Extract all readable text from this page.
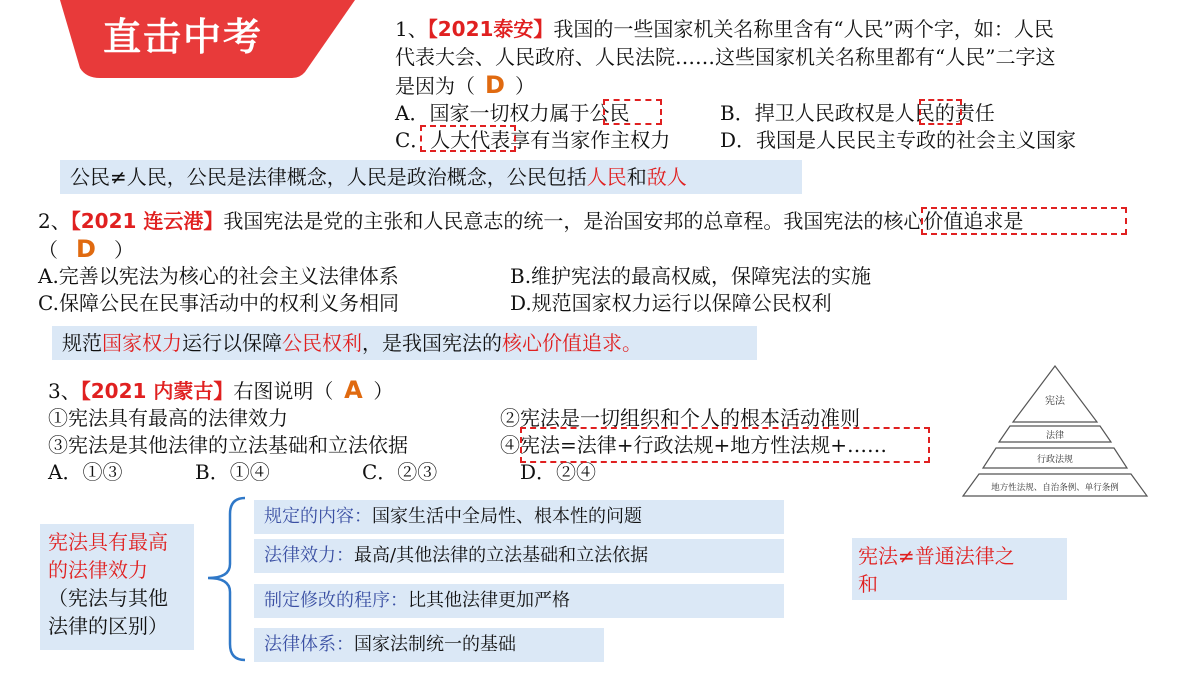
直击中考	1、【2021泰安】我国的一些国家机关名称里含有“人民”两个字，如：人民
代表大会、人民政府、人民法院……这些国家机关名称里都有“人民”二字这
是因为（ D ）
A．国家一切权力属于公民	B．捍卫人民政权是人民的责任
C．人大代表享有当家作主权力 D．我国是人民民主专政的社会主义国家
公民≠人民，公民是法律概念，人民是政治概念，公民包括人民和敌人
2、【2021 连云港】我国宪法是党的主张和人民意志的统一，是治国安邦的总章程。我国宪法的核心价值追求是
（ D ）
A.完善以宪法为核心的社会主义法律体系	B.维护宪法的最高权威，保障宪法的实施
C.保障公民在民事活动中的权利义务相同	D.规范国家权力运行以保障公民权利
规范国家权力运行以保障公民权利，是我国宪法的核心价值追求。
3、【2021 内蒙古】右图说明（ A ）
①宪法具有最高的法律效力	②宪法是一切组织和个人的根本活动准则
③宪法是其他法律的立法基础和立法依据	④宪法=法律+行政法规+地方性法规+……
A．①③	B．①④	C．②③	D．②④
宪法
法律
行政法规
地方性法规、自治条例、单行条例
宪法具有最高
的法律效力
（宪法与其他
法律的区别）
规定的内容：国家生活中全局性、根本性的问题
法律效力：最高/其他法律的立法基础和立法依据
制定修改的程序：比其他法律更加严格
法律体系：国家法制统一的基础
宪法≠普通法律之
和
